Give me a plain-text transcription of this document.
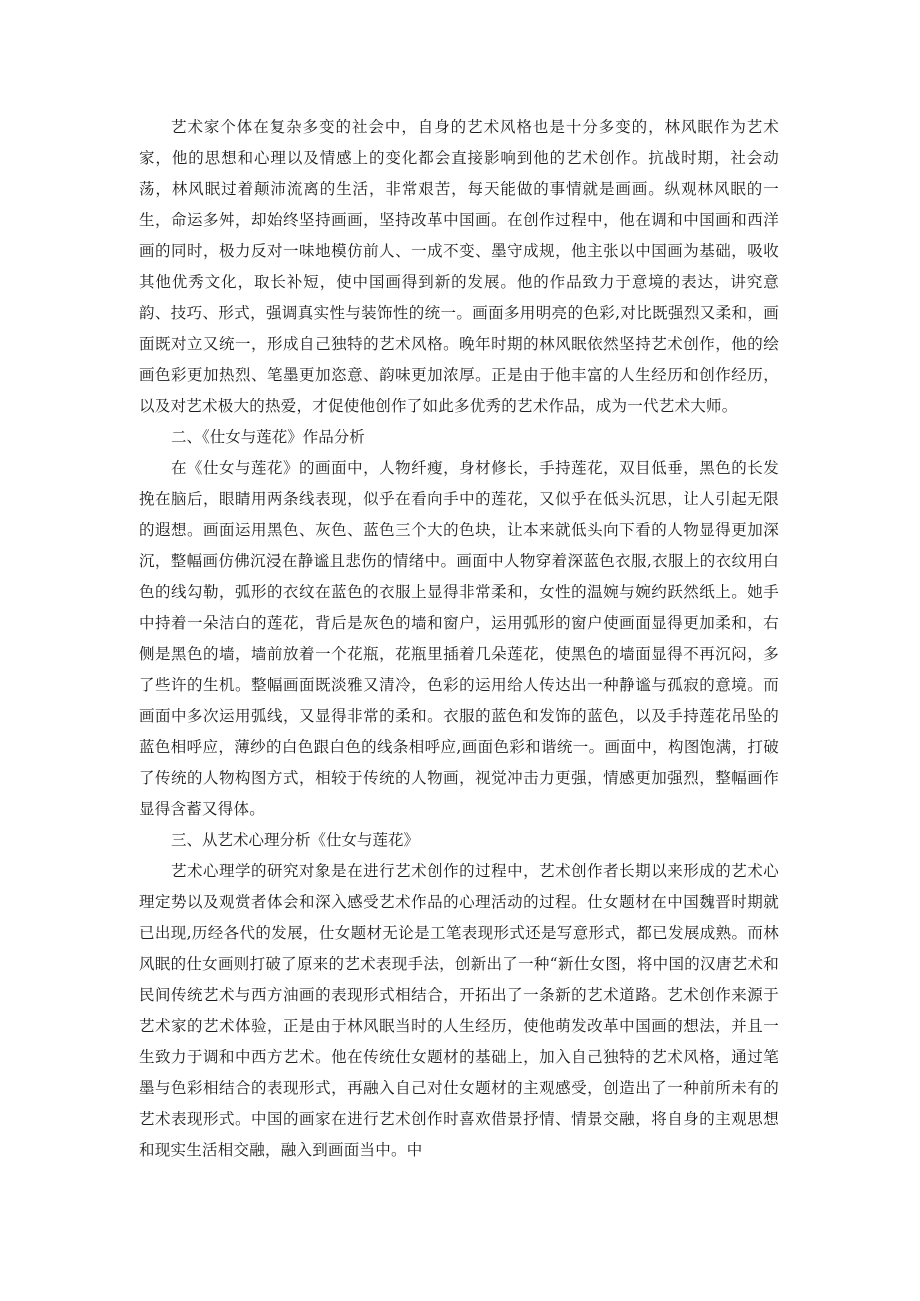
艺术家个体在复杂多变的社会中，自身的艺术风格也是十分多变的，林风眠作为艺术家，他的思想和心理以及情感上的变化都会直接影响到他的艺术创作。抗战时期，社会动荡，林风眠过着颠沛流离的生活，非常艰苦，每天能做的事情就是画画。纵观林风眠的一生，命运多舛，却始终坚持画画，坚持改革中国画。在创作过程中，他在调和中国画和西洋画的同时，极力反对一味地模仿前人、一成不变、墨守成规，他主张以中国画为基础，吸收其他优秀文化，取长补短，使中国画得到新的发展。他的作品致力于意境的表达，讲究意韵、技巧、形式，强调真实性与装饰性的统一。画面多用明亮的色彩,对比既强烈又柔和，画面既对立又统一，形成自己独特的艺术风格。晚年时期的林风眠依然坚持艺术创作，他的绘画色彩更加热烈、笔墨更加恣意、韵味更加浓厚。正是由于他丰富的人生经历和创作经历，以及对艺术极大的热爱，才促使他创作了如此多优秀的艺术作品，成为一代艺术大师。

二、《仕女与莲花》作品分析

在《仕女与莲花》的画面中，人物纤瘦，身材修长，手持莲花，双目低垂，黑色的长发挽在脑后，眼睛用两条线表现，似乎在看向手中的莲花，又似乎在低头沉思，让人引起无限的遐想。画面运用黑色、灰色、蓝色三个大的色块，让本来就低头向下看的人物显得更加深沉，整幅画仿佛沉浸在静谧且悲伤的情绪中。画面中人物穿着深蓝色衣服,衣服上的衣纹用白色的线勾勒，弧形的衣纹在蓝色的衣服上显得非常柔和，女性的温婉与婉约跃然纸上。她手中持着一朵洁白的莲花，背后是灰色的墙和窗户，运用弧形的窗户使画面显得更加柔和，右侧是黑色的墙，墙前放着一个花瓶，花瓶里插着几朵莲花，使黑色的墙面显得不再沉闷，多了些许的生机。整幅画面既淡雅又清冷，色彩的运用给人传达出一种静谧与孤寂的意境。而画面中多次运用弧线，又显得非常的柔和。衣服的蓝色和发饰的蓝色，以及手持莲花吊坠的蓝色相呼应，薄纱的白色跟白色的线条相呼应,画面色彩和谐统一。画面中，构图饱满，打破了传统的人物构图方式，相较于传统的人物画，视觉冲击力更强，情感更加强烈，整幅画作显得含蓄又得体。

三、从艺术心理分析《仕女与莲花》

艺术心理学的研究对象是在进行艺术创作的过程中，艺术创作者长期以来形成的艺术心理定势以及观赏者体会和深入感受艺术作品的心理活动的过程。仕女题材在中国魏晋时期就已出现,历经各代的发展，仕女题材无论是工笔表现形式还是写意形式，都已发展成熟。而林风眠的仕女画则打破了原来的艺术表现手法，创新出了一种“新仕女图，将中国的汉唐艺术和民间传统艺术与西方油画的表现形式相结合，开拓出了一条新的艺术道路。艺术创作来源于艺术家的艺术体验，正是由于林风眠当时的人生经历，使他萌发改革中国画的想法，并且一生致力于调和中西方艺术。他在传统仕女题材的基础上，加入自己独特的艺术风格，通过笔墨与色彩相结合的表现形式，再融入自己对仕女题材的主观感受，创造出了一种前所未有的艺术表现形式。中国的画家在进行艺术创作时喜欢借景抒情、情景交融，将自身的主观思想和现实生活相交融，融入到画面当中。中
